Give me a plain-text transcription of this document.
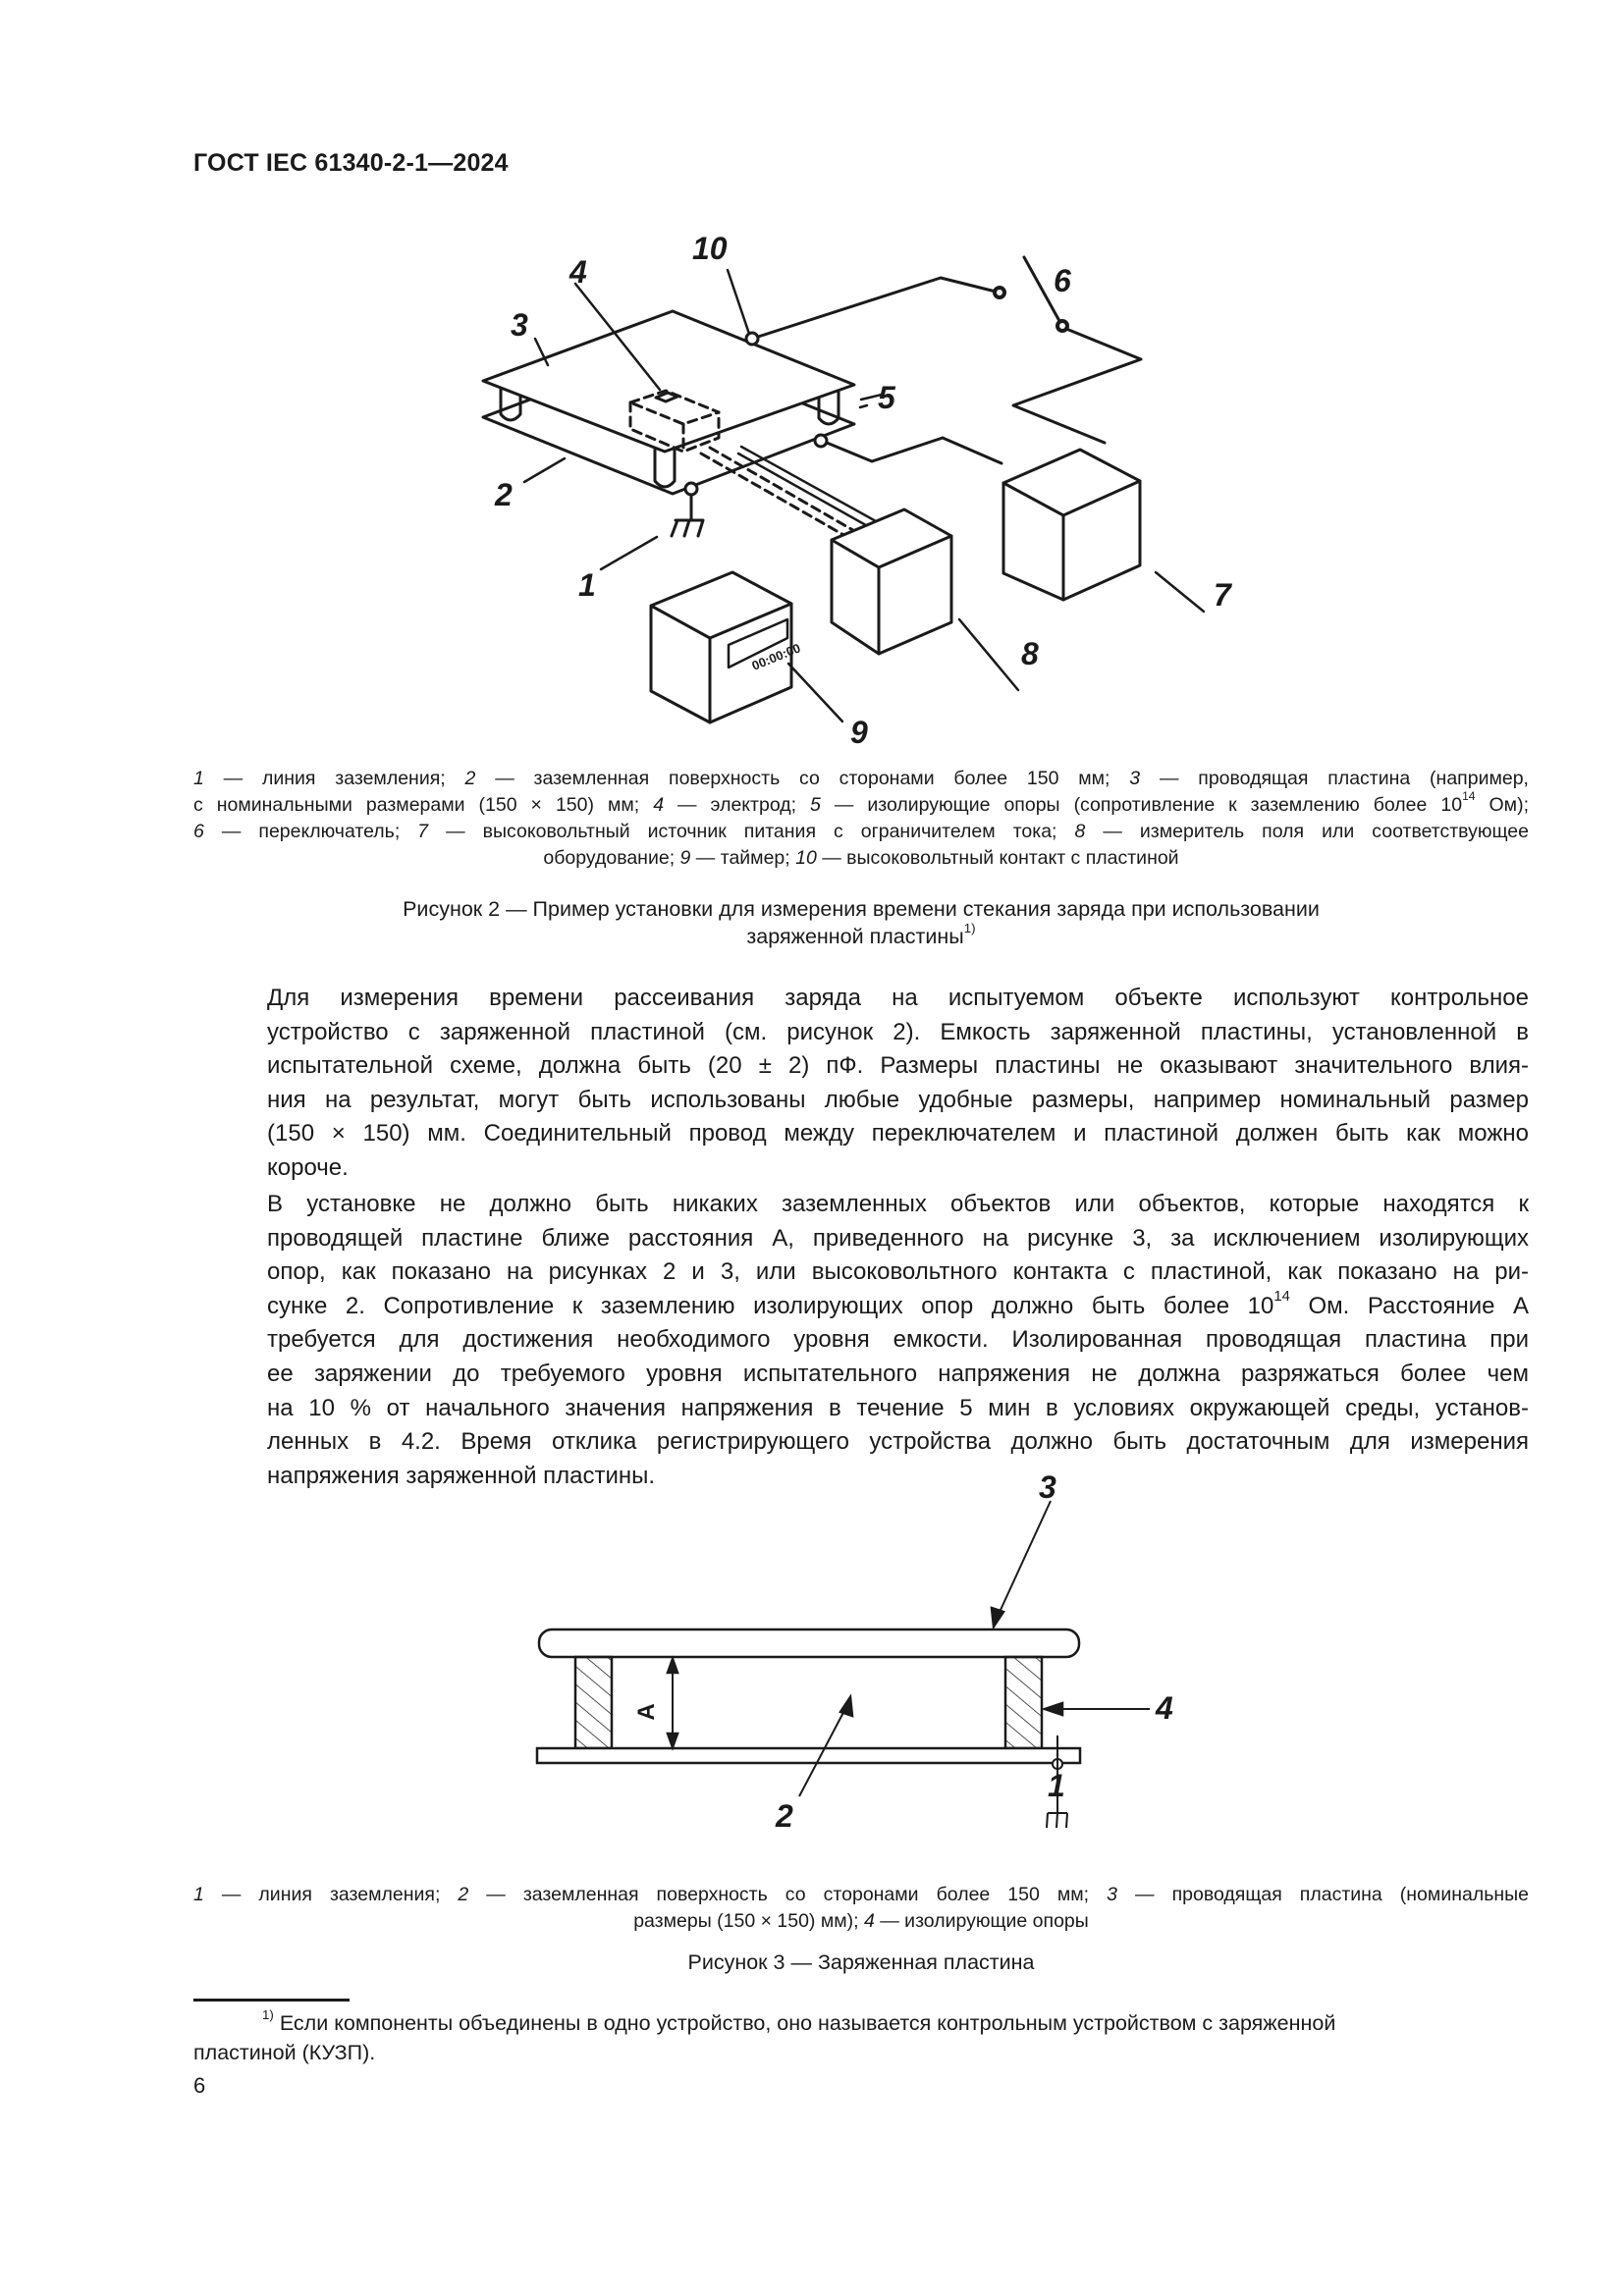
ГОСТ IEC 61340-2-1—2024
00:00:00
4
3
10
6
5
2
1	7
8
9
1 — линия заземления; 2 — заземленная поверхность со сторонами более 150 мм; 3 — проводящая пластина (например,
с номинальными размерами (150 × 150) мм; 4 — электрод; 5 — изолирующие опоры (сопротивление к заземлению более $10^{14}$ Ом);
6 — переключатель; 7 — высоковольтный источник питания с ограничителем тока; 8 — измеритель поля или соответствующее
оборудование; 9 — таймер; 10 — высоковольтный контакт с пластиной
Рисунок 2 — Пример установки для измерения времени стекания заряда при использовании
заряженной пластины$^{1)}$

Для измерения времени рассеивания заряда на испытуемом объекте используют контрольное
устройство с заряженной пластиной (см. рисунок 2). Емкость заряженной пластины, установленной в
испытательной схеме, должна быть (20 ± 2) пФ. Размеры пластины не оказывают значительного влия-
ния на результат, могут быть использованы любые удобные размеры, например номинальный размер
(150 × 150) мм. Соединительный провод между переключателем и пластиной должен быть как можно
короче.

В установке не должно быть никаких заземленных объектов или объектов, которые находятся к
проводящей пластине ближе расстояния А, приведенного на рисунке 3, за исключением изолирующих
опор, как показано на рисунках 2 и 3, или высоковольтного контакта с пластиной, как показано на ри-
сунке 2. Сопротивление к заземлению изолирующих опор должно быть более $10^{14}$ Ом. Расстояние А
требуется для достижения необходимого уровня емкости. Изолированная проводящая пластина при
ее заряжении до требуемого уровня испытательного напряжения не должна разряжаться более чем
на 10 % от начального значения напряжения в течение 5 мин в условиях окружающей среды, установ-
ленных в 4.2. Время отклика регистрирующего устройства должно быть достаточным для измерения
напряжения заряженной пластины.

A
3
4
2
1
1 — линия заземления; 2 — заземленная поверхность со сторонами более 150 мм; 3 — проводящая пластина (номинальные
размеры (150 × 150) мм); 4 — изолирующие опоры
Рисунок 3 — Заряженная пластина
$^{1)}$ Если компоненты объединены в одно устройство, оно называется контрольным устройством с заряженной
пластиной (КУЗП).
6
